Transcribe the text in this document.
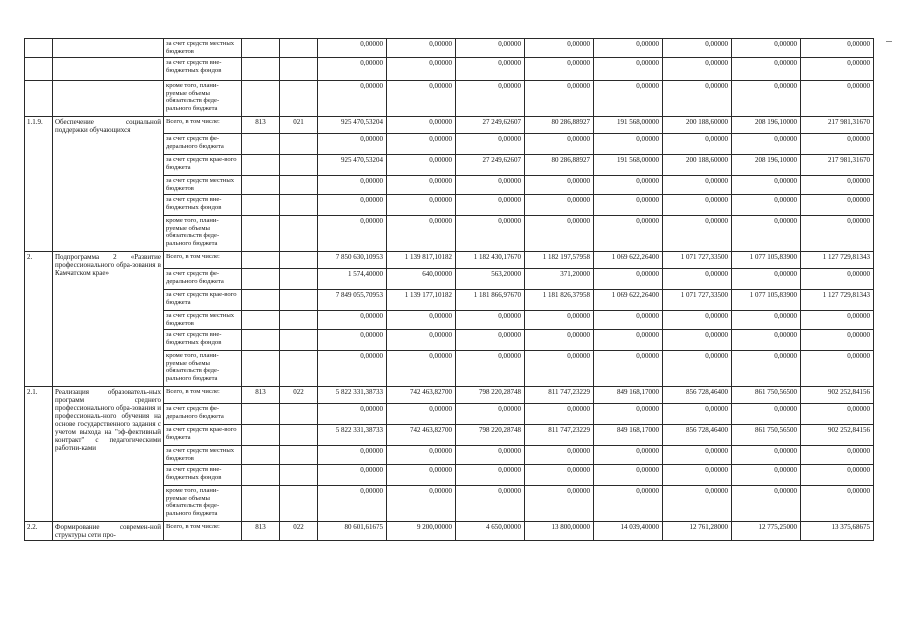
		за счет средств местных бюджетов			0,00000	0,00000	0,00000	0,00000	0,00000	0,00000	0,00000	0,00000
		за счет средств вне-бюджетных фондов			0,00000	0,00000	0,00000	0,00000	0,00000	0,00000	0,00000	0,00000
		кроме того, плани-руемые объемы обязательств феде-рального бюджета			0,00000	0,00000	0,00000	0,00000	0,00000	0,00000	0,00000	0,00000
1.1.9.	Обеспечение социальной поддержки обучающихся	Всего, в том числе:	813	021	925 470,53204	0,00000	27 249,62607	80 286,88927	191 568,00000	200 188,60000	208 196,10000	217 981,31670
		за счет средств фе-дерального бюджета			0,00000	0,00000	0,00000	0,00000	0,00000	0,00000	0,00000	0,00000
		за счет средств крае-вого бюджета			925 470,53204	0,00000	27 249,62607	80 286,88927	191 568,00000	200 188,60000	208 196,10000	217 981,31670
		за счет средств местных бюджетов			0,00000	0,00000	0,00000	0,00000	0,00000	0,00000	0,00000	0,00000
		за счет средств вне-бюджетных фондов			0,00000	0,00000	0,00000	0,00000	0,00000	0,00000	0,00000	0,00000
		кроме того, плани-руемые объемы обязательств феде-рального бюджета			0,00000	0,00000	0,00000	0,00000	0,00000	0,00000	0,00000	0,00000
2.	Подпрограмма 2 «Развитие профессионального обра-зования в Камчатском крае»	Всего, в том числе:			7 850 630,10953	1 139 817,10182	1 182 430,17670	1 182 197,57958	1 069 622,26400	1 071 727,33500	1 077 105,83900	1 127 729,81343
		за счет средств фе-дерального бюджета			1 574,40000	640,00000	563,20000	371,20000	0,00000	0,00000	0,00000	0,00000
		за счет средств крае-вого бюджета			7 849 055,70953	1 139 177,10182	1 181 866,97670	1 181 826,37958	1 069 622,26400	1 071 727,33500	1 077 105,83900	1 127 729,81343
		за счет средств местных бюджетов			0,00000	0,00000	0,00000	0,00000	0,00000	0,00000	0,00000	0,00000
		за счет средств вне-бюджетных фондов			0,00000	0,00000	0,00000	0,00000	0,00000	0,00000	0,00000	0,00000
		кроме того, плани-руемые объемы обязательств феде-рального бюджета			0,00000	0,00000	0,00000	0,00000	0,00000	0,00000	0,00000	0,00000
2.1.	Реализация образователь-ных программ среднего профессионального обра-зования и профессиональ-ного обучения на основе государственного задания с учетом выхода на "эф-фективный контракт" с педагогическими работни-ками	Всего, в том числе:	813	022	5 822 331,38733	742 463,82700	798 220,28748	811 747,23229	849 168,17000	856 728,46400	861 750,56500	902 252,84156
		за счет средств фе-дерального бюджета			0,00000	0,00000	0,00000	0,00000	0,00000	0,00000	0,00000	0,00000
		за счет средств крае-вого бюджета			5 822 331,38733	742 463,82700	798 220,28748	811 747,23229	849 168,17000	856 728,46400	861 750,56500	902 252,84156
		за счет средств местных бюджетов			0,00000	0,00000	0,00000	0,00000	0,00000	0,00000	0,00000	0,00000
		за счет средств вне-бюджетных фондов			0,00000	0,00000	0,00000	0,00000	0,00000	0,00000	0,00000	0,00000
		кроме того, плани-руемые объемы обязательств феде-рального бюджета			0,00000	0,00000	0,00000	0,00000	0,00000	0,00000	0,00000	0,00000
2.2.	Формирование современ-ной структуры сети про-	Всего, в том числе:	813	022	80 601,61675	9 200,00000	4 650,00000	13 800,00000	14 039,40000	12 761,28000	12 775,25000	13 375,68675
